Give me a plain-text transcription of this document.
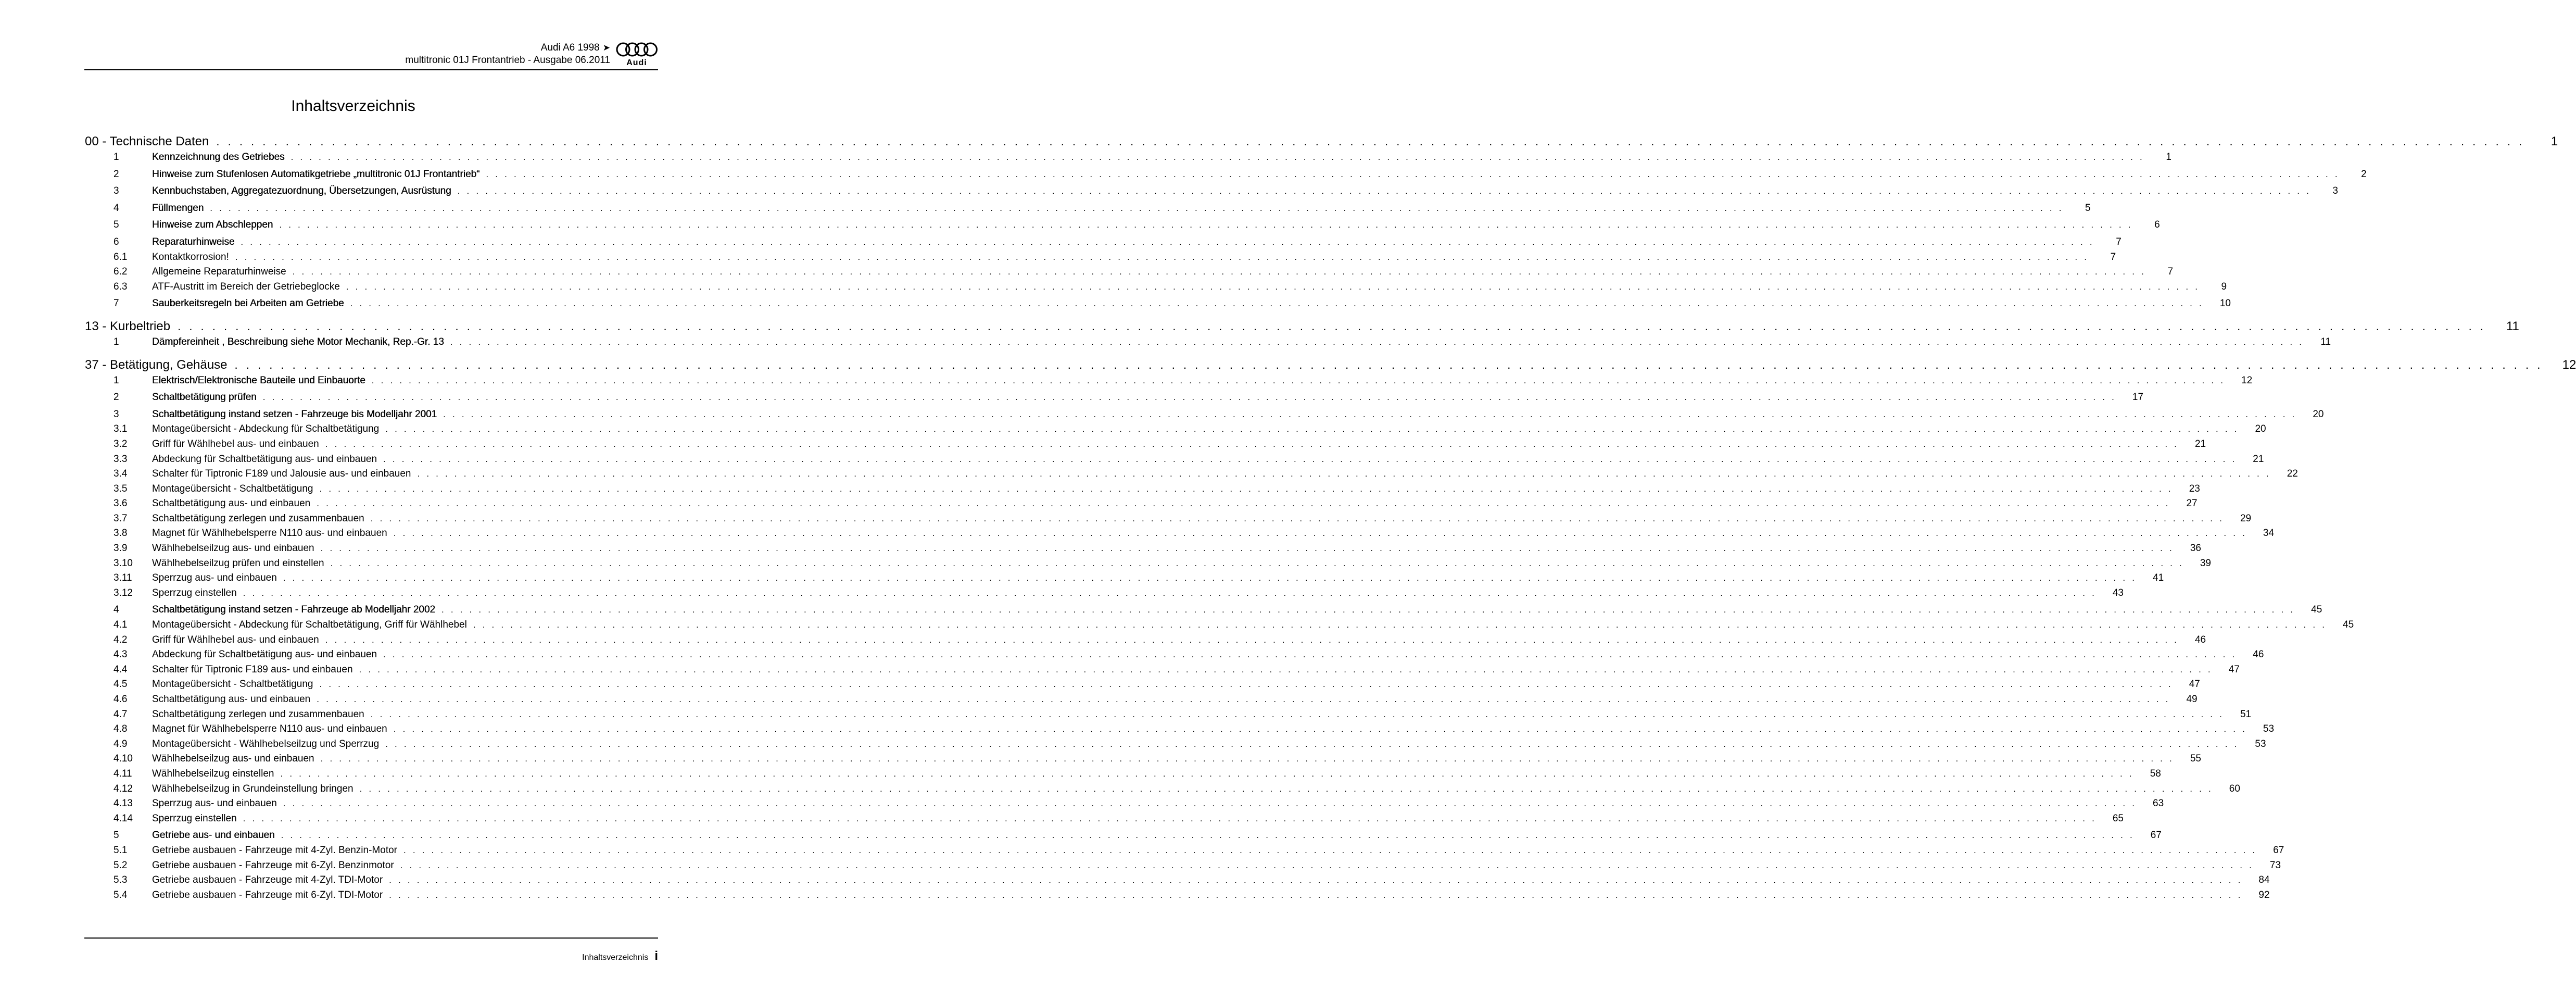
Audi A6 1998 ➤
multitronic 01J Frontantrieb - Ausgabe 06.2011	Audi
Inhaltsverzeichnis
00 - Technische Daten . . . . . . . . . . . . . . . . . . . . . . . . . . . . . . . . . . . . . . . . . . . . . . . . . . . . . . . . . . . . . . . . . . . . . . . . . . . . . . . . . . . . . . . . . . . . . . . . . . . . . . . . . . . . . . . . . . . . . . . . . . . . . . . . . . . . . . . . . . . . . . . . . . . . . . . . . . . . . . . . . . . . . . . . . . . . . . . . . . . . . . . . . . . . . . . . . . . . . . . .	1
1	Kennzeichnung des Getriebes . . . . . . . . . . . . . . . . . . . . . . . . . . . . . . . . . . . . . . . . . . . . . . . . . . . . . . . . . . . . . . . . . . . . . . . . . . . . . . . . . . . . . . . . . . . . . . . . . . . . . . . . . . . . . . . . . . . . . . . . . . . . . . . . . . . . . . . . . . . . . . . . . . . . . . . . . . . . . . . . . . . . . . . . . . . . . . . . . . . . . . . . . . . . . . . . . . . . . . . .	1
2	Hinweise zum Stufenlosen Automatikgetriebe „multitronic 01J Frontantrieb“ . . . . . . . . . . . . . . . . . . . . . . . . . . . . . . . . . . . . . . . . . . . . . . . . . . . . . . . . . . . . . . . . . . . . . . . . . . . . . . . . . . . . . . . . . . . . . . . . . . . . . . . . . . . . . . . . . . . . . . . . . . . . . . . . . . . . . . . . . . . . . . . . . . . . . . . . . . . . . . . . . . . . . . . . . . . . . . . . . . . . . . . . . . . . . . . . . . . . . . . .	2
3	Kennbuchstaben, Aggregatezuordnung, Übersetzungen, Ausrüstung . . . . . . . . . . . . . . . . . . . . . . . . . . . . . . . . . . . . . . . . . . . . . . . . . . . . . . . . . . . . . . . . . . . . . . . . . . . . . . . . . . . . . . . . . . . . . . . . . . . . . . . . . . . . . . . . . . . . . . . . . . . . . . . . . . . . . . . . . . . . . . . . . . . . . . . . . . . . . . . . . . . . . . . . . . . . . . . . . . . . . . . . . . . . . . . . . . . . . . . .	3
4	Füllmengen . . . . . . . . . . . . . . . . . . . . . . . . . . . . . . . . . . . . . . . . . . . . . . . . . . . . . . . . . . . . . . . . . . . . . . . . . . . . . . . . . . . . . . . . . . . . . . . . . . . . . . . . . . . . . . . . . . . . . . . . . . . . . . . . . . . . . . . . . . . . . . . . . . . . . . . . . . . . . . . . . . . . . . . . . . . . . . . . . . . . . . . . . . . . . . . . . . . . . . . .	5
5	Hinweise zum Abschleppen . . . . . . . . . . . . . . . . . . . . . . . . . . . . . . . . . . . . . . . . . . . . . . . . . . . . . . . . . . . . . . . . . . . . . . . . . . . . . . . . . . . . . . . . . . . . . . . . . . . . . . . . . . . . . . . . . . . . . . . . . . . . . . . . . . . . . . . . . . . . . . . . . . . . . . . . . . . . . . . . . . . . . . . . . . . . . . . . . . . . . . . . . . . . . . . . . . . . . . . .	6
6	Reparaturhinweise . . . . . . . . . . . . . . . . . . . . . . . . . . . . . . . . . . . . . . . . . . . . . . . . . . . . . . . . . . . . . . . . . . . . . . . . . . . . . . . . . . . . . . . . . . . . . . . . . . . . . . . . . . . . . . . . . . . . . . . . . . . . . . . . . . . . . . . . . . . . . . . . . . . . . . . . . . . . . . . . . . . . . . . . . . . . . . . . . . . . . . . . . . . . . . . . . . . . . . . .	7
6.1	Kontaktkorrosion! . . . . . . . . . . . . . . . . . . . . . . . . . . . . . . . . . . . . . . . . . . . . . . . . . . . . . . . . . . . . . . . . . . . . . . . . . . . . . . . . . . . . . . . . . . . . . . . . . . . . . . . . . . . . . . . . . . . . . . . . . . . . . . . . . . . . . . . . . . . . . . . . . . . . . . . . . . . . . . . . . . . . . . . . . . . . . . . . . . . . . . . . . . . . . . . . . . . . . . . .	7
6.2	Allgemeine Reparaturhinweise . . . . . . . . . . . . . . . . . . . . . . . . . . . . . . . . . . . . . . . . . . . . . . . . . . . . . . . . . . . . . . . . . . . . . . . . . . . . . . . . . . . . . . . . . . . . . . . . . . . . . . . . . . . . . . . . . . . . . . . . . . . . . . . . . . . . . . . . . . . . . . . . . . . . . . . . . . . . . . . . . . . . . . . . . . . . . . . . . . . . . . . . . . . . . . . . . . . . . . . .	7
6.3	ATF-Austritt im Bereich der Getriebeglocke . . . . . . . . . . . . . . . . . . . . . . . . . . . . . . . . . . . . . . . . . . . . . . . . . . . . . . . . . . . . . . . . . . . . . . . . . . . . . . . . . . . . . . . . . . . . . . . . . . . . . . . . . . . . . . . . . . . . . . . . . . . . . . . . . . . . . . . . . . . . . . . . . . . . . . . . . . . . . . . . . . . . . . . . . . . . . . . . . . . . . . . . . . . . . . . . . . . . . . . .	9
7	Sauberkeitsregeln bei Arbeiten am Getriebe . . . . . . . . . . . . . . . . . . . . . . . . . . . . . . . . . . . . . . . . . . . . . . . . . . . . . . . . . . . . . . . . . . . . . . . . . . . . . . . . . . . . . . . . . . . . . . . . . . . . . . . . . . . . . . . . . . . . . . . . . . . . . . . . . . . . . . . . . . . . . . . . . . . . . . . . . . . . . . . . . . . . . . . . . . . . . . . . . . . . . . . . . . . . . . . . . . . . . . . .	10
13 - Kurbeltrieb . . . . . . . . . . . . . . . . . . . . . . . . . . . . . . . . . . . . . . . . . . . . . . . . . . . . . . . . . . . . . . . . . . . . . . . . . . . . . . . . . . . . . . . . . . . . . . . . . . . . . . . . . . . . . . . . . . . . . . . . . . . . . . . . . . . . . . . . . . . . . . . . . . . . . . . . . . . . . . . . . . . . . . . . . . . . . . . . . . . . . . . . . . . . . . . . . . . . . . . .	11
1	Dämpfereinheit , Beschreibung siehe Motor Mechanik, Rep.-Gr. 13 . . . . . . . . . . . . . . . . . . . . . . . . . . . . . . . . . . . . . . . . . . . . . . . . . . . . . . . . . . . . . . . . . . . . . . . . . . . . . . . . . . . . . . . . . . . . . . . . . . . . . . . . . . . . . . . . . . . . . . . . . . . . . . . . . . . . . . . . . . . . . . . . . . . . . . . . . . . . . . . . . . . . . . . . . . . . . . . . . . . . . . . . . . . . . . . . . . . . . . . .	11
37 - Betätigung, Gehäuse . . . . . . . . . . . . . . . . . . . . . . . . . . . . . . . . . . . . . . . . . . . . . . . . . . . . . . . . . . . . . . . . . . . . . . . . . . . . . . . . . . . . . . . . . . . . . . . . . . . . . . . . . . . . . . . . . . . . . . . . . . . . . . . . . . . . . . . . . . . . . . . . . . . . . . . . . . . . . . . . . . . . . . . . . . . . . . . . . . . . . . . . . . . . . . . . . . . . . . . .	12
1	Elektrisch/Elektronische Bauteile und Einbauorte . . . . . . . . . . . . . . . . . . . . . . . . . . . . . . . . . . . . . . . . . . . . . . . . . . . . . . . . . . . . . . . . . . . . . . . . . . . . . . . . . . . . . . . . . . . . . . . . . . . . . . . . . . . . . . . . . . . . . . . . . . . . . . . . . . . . . . . . . . . . . . . . . . . . . . . . . . . . . . . . . . . . . . . . . . . . . . . . . . . . . . . . . . . . . . . . . . . . . . . .	12
2	Schaltbetätigung prüfen . . . . . . . . . . . . . . . . . . . . . . . . . . . . . . . . . . . . . . . . . . . . . . . . . . . . . . . . . . . . . . . . . . . . . . . . . . . . . . . . . . . . . . . . . . . . . . . . . . . . . . . . . . . . . . . . . . . . . . . . . . . . . . . . . . . . . . . . . . . . . . . . . . . . . . . . . . . . . . . . . . . . . . . . . . . . . . . . . . . . . . . . . . . . . . . . . . . . . . . .	17
3	Schaltbetätigung instand setzen - Fahrzeuge bis Modelljahr 2001 . . . . . . . . . . . . . . . . . . . . . . . . . . . . . . . . . . . . . . . . . . . . . . . . . . . . . . . . . . . . . . . . . . . . . . . . . . . . . . . . . . . . . . . . . . . . . . . . . . . . . . . . . . . . . . . . . . . . . . . . . . . . . . . . . . . . . . . . . . . . . . . . . . . . . . . . . . . . . . . . . . . . . . . . . . . . . . . . . . . . . . . . . . . . . . . . . . . . . . . .	20
3.1	Montageübersicht - Abdeckung für Schaltbetätigung . . . . . . . . . . . . . . . . . . . . . . . . . . . . . . . . . . . . . . . . . . . . . . . . . . . . . . . . . . . . . . . . . . . . . . . . . . . . . . . . . . . . . . . . . . . . . . . . . . . . . . . . . . . . . . . . . . . . . . . . . . . . . . . . . . . . . . . . . . . . . . . . . . . . . . . . . . . . . . . . . . . . . . . . . . . . . . . . . . . . . . . . . . . . . . . . . . . . . . . .	20
3.2	Griff für Wählhebel aus- und einbauen . . . . . . . . . . . . . . . . . . . . . . . . . . . . . . . . . . . . . . . . . . . . . . . . . . . . . . . . . . . . . . . . . . . . . . . . . . . . . . . . . . . . . . . . . . . . . . . . . . . . . . . . . . . . . . . . . . . . . . . . . . . . . . . . . . . . . . . . . . . . . . . . . . . . . . . . . . . . . . . . . . . . . . . . . . . . . . . . . . . . . . . . . . . . . . . . . . . . . . . .	21
3.3	Abdeckung für Schaltbetätigung aus- und einbauen . . . . . . . . . . . . . . . . . . . . . . . . . . . . . . . . . . . . . . . . . . . . . . . . . . . . . . . . . . . . . . . . . . . . . . . . . . . . . . . . . . . . . . . . . . . . . . . . . . . . . . . . . . . . . . . . . . . . . . . . . . . . . . . . . . . . . . . . . . . . . . . . . . . . . . . . . . . . . . . . . . . . . . . . . . . . . . . . . . . . . . . . . . . . . . . . . . . . . . . .	21
3.4	Schalter für Tiptronic F189 und Jalousie aus- und einbauen . . . . . . . . . . . . . . . . . . . . . . . . . . . . . . . . . . . . . . . . . . . . . . . . . . . . . . . . . . . . . . . . . . . . . . . . . . . . . . . . . . . . . . . . . . . . . . . . . . . . . . . . . . . . . . . . . . . . . . . . . . . . . . . . . . . . . . . . . . . . . . . . . . . . . . . . . . . . . . . . . . . . . . . . . . . . . . . . . . . . . . . . . . . . . . . . . . . . . . . .	22
3.5	Montageübersicht - Schaltbetätigung . . . . . . . . . . . . . . . . . . . . . . . . . . . . . . . . . . . . . . . . . . . . . . . . . . . . . . . . . . . . . . . . . . . . . . . . . . . . . . . . . . . . . . . . . . . . . . . . . . . . . . . . . . . . . . . . . . . . . . . . . . . . . . . . . . . . . . . . . . . . . . . . . . . . . . . . . . . . . . . . . . . . . . . . . . . . . . . . . . . . . . . . . . . . . . . . . . . . . . . .	23
3.6	Schaltbetätigung aus- und einbauen . . . . . . . . . . . . . . . . . . . . . . . . . . . . . . . . . . . . . . . . . . . . . . . . . . . . . . . . . . . . . . . . . . . . . . . . . . . . . . . . . . . . . . . . . . . . . . . . . . . . . . . . . . . . . . . . . . . . . . . . . . . . . . . . . . . . . . . . . . . . . . . . . . . . . . . . . . . . . . . . . . . . . . . . . . . . . . . . . . . . . . . . . . . . . . . . . . . . . . . .	27
3.7	Schaltbetätigung zerlegen und zusammenbauen . . . . . . . . . . . . . . . . . . . . . . . . . . . . . . . . . . . . . . . . . . . . . . . . . . . . . . . . . . . . . . . . . . . . . . . . . . . . . . . . . . . . . . . . . . . . . . . . . . . . . . . . . . . . . . . . . . . . . . . . . . . . . . . . . . . . . . . . . . . . . . . . . . . . . . . . . . . . . . . . . . . . . . . . . . . . . . . . . . . . . . . . . . . . . . . . . . . . . . . .	29
3.8	Magnet für Wählhebelsperre N110 aus- und einbauen . . . . . . . . . . . . . . . . . . . . . . . . . . . . . . . . . . . . . . . . . . . . . . . . . . . . . . . . . . . . . . . . . . . . . . . . . . . . . . . . . . . . . . . . . . . . . . . . . . . . . . . . . . . . . . . . . . . . . . . . . . . . . . . . . . . . . . . . . . . . . . . . . . . . . . . . . . . . . . . . . . . . . . . . . . . . . . . . . . . . . . . . . . . . . . . . . . . . . . . .	34
3.9	Wählhebelseilzug aus- und einbauen . . . . . . . . . . . . . . . . . . . . . . . . . . . . . . . . . . . . . . . . . . . . . . . . . . . . . . . . . . . . . . . . . . . . . . . . . . . . . . . . . . . . . . . . . . . . . . . . . . . . . . . . . . . . . . . . . . . . . . . . . . . . . . . . . . . . . . . . . . . . . . . . . . . . . . . . . . . . . . . . . . . . . . . . . . . . . . . . . . . . . . . . . . . . . . . . . . . . . . . .	36
3.10	Wählhebelseilzug prüfen und einstellen . . . . . . . . . . . . . . . . . . . . . . . . . . . . . . . . . . . . . . . . . . . . . . . . . . . . . . . . . . . . . . . . . . . . . . . . . . . . . . . . . . . . . . . . . . . . . . . . . . . . . . . . . . . . . . . . . . . . . . . . . . . . . . . . . . . . . . . . . . . . . . . . . . . . . . . . . . . . . . . . . . . . . . . . . . . . . . . . . . . . . . . . . . . . . . . . . . . . . . . .	39
3.11	Sperrzug aus- und einbauen . . . . . . . . . . . . . . . . . . . . . . . . . . . . . . . . . . . . . . . . . . . . . . . . . . . . . . . . . . . . . . . . . . . . . . . . . . . . . . . . . . . . . . . . . . . . . . . . . . . . . . . . . . . . . . . . . . . . . . . . . . . . . . . . . . . . . . . . . . . . . . . . . . . . . . . . . . . . . . . . . . . . . . . . . . . . . . . . . . . . . . . . . . . . . . . . . . . . . . . .	41
3.12	Sperrzug einstellen . . . . . . . . . . . . . . . . . . . . . . . . . . . . . . . . . . . . . . . . . . . . . . . . . . . . . . . . . . . . . . . . . . . . . . . . . . . . . . . . . . . . . . . . . . . . . . . . . . . . . . . . . . . . . . . . . . . . . . . . . . . . . . . . . . . . . . . . . . . . . . . . . . . . . . . . . . . . . . . . . . . . . . . . . . . . . . . . . . . . . . . . . . . . . . . . . . . . . . . .	43
4	Schaltbetätigung instand setzen - Fahrzeuge ab Modelljahr 2002 . . . . . . . . . . . . . . . . . . . . . . . . . . . . . . . . . . . . . . . . . . . . . . . . . . . . . . . . . . . . . . . . . . . . . . . . . . . . . . . . . . . . . . . . . . . . . . . . . . . . . . . . . . . . . . . . . . . . . . . . . . . . . . . . . . . . . . . . . . . . . . . . . . . . . . . . . . . . . . . . . . . . . . . . . . . . . . . . . . . . . . . . . . . . . . . . . . . . . . . .	45
4.1	Montageübersicht - Abdeckung für Schaltbetätigung, Griff für Wählhebel . . . . . . . . . . . . . . . . . . . . . . . . . . . . . . . . . . . . . . . . . . . . . . . . . . . . . . . . . . . . . . . . . . . . . . . . . . . . . . . . . . . . . . . . . . . . . . . . . . . . . . . . . . . . . . . . . . . . . . . . . . . . . . . . . . . . . . . . . . . . . . . . . . . . . . . . . . . . . . . . . . . . . . . . . . . . . . . . . . . . . . . . . . . . . . . . . . . . . . . .	45
4.2	Griff für Wählhebel aus- und einbauen . . . . . . . . . . . . . . . . . . . . . . . . . . . . . . . . . . . . . . . . . . . . . . . . . . . . . . . . . . . . . . . . . . . . . . . . . . . . . . . . . . . . . . . . . . . . . . . . . . . . . . . . . . . . . . . . . . . . . . . . . . . . . . . . . . . . . . . . . . . . . . . . . . . . . . . . . . . . . . . . . . . . . . . . . . . . . . . . . . . . . . . . . . . . . . . . . . . . . . . .	46
4.3	Abdeckung für Schaltbetätigung aus- und einbauen . . . . . . . . . . . . . . . . . . . . . . . . . . . . . . . . . . . . . . . . . . . . . . . . . . . . . . . . . . . . . . . . . . . . . . . . . . . . . . . . . . . . . . . . . . . . . . . . . . . . . . . . . . . . . . . . . . . . . . . . . . . . . . . . . . . . . . . . . . . . . . . . . . . . . . . . . . . . . . . . . . . . . . . . . . . . . . . . . . . . . . . . . . . . . . . . . . . . . . . .	46
4.4	Schalter für Tiptronic F189 aus- und einbauen . . . . . . . . . . . . . . . . . . . . . . . . . . . . . . . . . . . . . . . . . . . . . . . . . . . . . . . . . . . . . . . . . . . . . . . . . . . . . . . . . . . . . . . . . . . . . . . . . . . . . . . . . . . . . . . . . . . . . . . . . . . . . . . . . . . . . . . . . . . . . . . . . . . . . . . . . . . . . . . . . . . . . . . . . . . . . . . . . . . . . . . . . . . . . . . . . . . . . . . .	47
4.5	Montageübersicht - Schaltbetätigung . . . . . . . . . . . . . . . . . . . . . . . . . . . . . . . . . . . . . . . . . . . . . . . . . . . . . . . . . . . . . . . . . . . . . . . . . . . . . . . . . . . . . . . . . . . . . . . . . . . . . . . . . . . . . . . . . . . . . . . . . . . . . . . . . . . . . . . . . . . . . . . . . . . . . . . . . . . . . . . . . . . . . . . . . . . . . . . . . . . . . . . . . . . . . . . . . . . . . . . .	47
4.6	Schaltbetätigung aus- und einbauen . . . . . . . . . . . . . . . . . . . . . . . . . . . . . . . . . . . . . . . . . . . . . . . . . . . . . . . . . . . . . . . . . . . . . . . . . . . . . . . . . . . . . . . . . . . . . . . . . . . . . . . . . . . . . . . . . . . . . . . . . . . . . . . . . . . . . . . . . . . . . . . . . . . . . . . . . . . . . . . . . . . . . . . . . . . . . . . . . . . . . . . . . . . . . . . . . . . . . . . .	49
4.7	Schaltbetätigung zerlegen und zusammenbauen . . . . . . . . . . . . . . . . . . . . . . . . . . . . . . . . . . . . . . . . . . . . . . . . . . . . . . . . . . . . . . . . . . . . . . . . . . . . . . . . . . . . . . . . . . . . . . . . . . . . . . . . . . . . . . . . . . . . . . . . . . . . . . . . . . . . . . . . . . . . . . . . . . . . . . . . . . . . . . . . . . . . . . . . . . . . . . . . . . . . . . . . . . . . . . . . . . . . . . . .	51
4.8	Magnet für Wählhebelsperre N110 aus- und einbauen . . . . . . . . . . . . . . . . . . . . . . . . . . . . . . . . . . . . . . . . . . . . . . . . . . . . . . . . . . . . . . . . . . . . . . . . . . . . . . . . . . . . . . . . . . . . . . . . . . . . . . . . . . . . . . . . . . . . . . . . . . . . . . . . . . . . . . . . . . . . . . . . . . . . . . . . . . . . . . . . . . . . . . . . . . . . . . . . . . . . . . . . . . . . . . . . . . . . . . . .	53
4.9	Montageübersicht - Wählhebelseilzug und Sperrzug . . . . . . . . . . . . . . . . . . . . . . . . . . . . . . . . . . . . . . . . . . . . . . . . . . . . . . . . . . . . . . . . . . . . . . . . . . . . . . . . . . . . . . . . . . . . . . . . . . . . . . . . . . . . . . . . . . . . . . . . . . . . . . . . . . . . . . . . . . . . . . . . . . . . . . . . . . . . . . . . . . . . . . . . . . . . . . . . . . . . . . . . . . . . . . . . . . . . . . . .	53
4.10	Wählhebelseilzug aus- und einbauen . . . . . . . . . . . . . . . . . . . . . . . . . . . . . . . . . . . . . . . . . . . . . . . . . . . . . . . . . . . . . . . . . . . . . . . . . . . . . . . . . . . . . . . . . . . . . . . . . . . . . . . . . . . . . . . . . . . . . . . . . . . . . . . . . . . . . . . . . . . . . . . . . . . . . . . . . . . . . . . . . . . . . . . . . . . . . . . . . . . . . . . . . . . . . . . . . . . . . . . .	55
4.11	Wählhebelseilzug einstellen . . . . . . . . . . . . . . . . . . . . . . . . . . . . . . . . . . . . . . . . . . . . . . . . . . . . . . . . . . . . . . . . . . . . . . . . . . . . . . . . . . . . . . . . . . . . . . . . . . . . . . . . . . . . . . . . . . . . . . . . . . . . . . . . . . . . . . . . . . . . . . . . . . . . . . . . . . . . . . . . . . . . . . . . . . . . . . . . . . . . . . . . . . . . . . . . . . . . . . . .	58
4.12	Wählhebelseilzug in Grundeinstellung bringen . . . . . . . . . . . . . . . . . . . . . . . . . . . . . . . . . . . . . . . . . . . . . . . . . . . . . . . . . . . . . . . . . . . . . . . . . . . . . . . . . . . . . . . . . . . . . . . . . . . . . . . . . . . . . . . . . . . . . . . . . . . . . . . . . . . . . . . . . . . . . . . . . . . . . . . . . . . . . . . . . . . . . . . . . . . . . . . . . . . . . . . . . . . . . . . . . . . . . . . .	60
4.13	Sperrzug aus- und einbauen . . . . . . . . . . . . . . . . . . . . . . . . . . . . . . . . . . . . . . . . . . . . . . . . . . . . . . . . . . . . . . . . . . . . . . . . . . . . . . . . . . . . . . . . . . . . . . . . . . . . . . . . . . . . . . . . . . . . . . . . . . . . . . . . . . . . . . . . . . . . . . . . . . . . . . . . . . . . . . . . . . . . . . . . . . . . . . . . . . . . . . . . . . . . . . . . . . . . . . . .	63
4.14	Sperrzug einstellen . . . . . . . . . . . . . . . . . . . . . . . . . . . . . . . . . . . . . . . . . . . . . . . . . . . . . . . . . . . . . . . . . . . . . . . . . . . . . . . . . . . . . . . . . . . . . . . . . . . . . . . . . . . . . . . . . . . . . . . . . . . . . . . . . . . . . . . . . . . . . . . . . . . . . . . . . . . . . . . . . . . . . . . . . . . . . . . . . . . . . . . . . . . . . . . . . . . . . . . .	65
5	Getriebe aus- und einbauen . . . . . . . . . . . . . . . . . . . . . . . . . . . . . . . . . . . . . . . . . . . . . . . . . . . . . . . . . . . . . . . . . . . . . . . . . . . . . . . . . . . . . . . . . . . . . . . . . . . . . . . . . . . . . . . . . . . . . . . . . . . . . . . . . . . . . . . . . . . . . . . . . . . . . . . . . . . . . . . . . . . . . . . . . . . . . . . . . . . . . . . . . . . . . . . . . . . . . . . .	67
5.1	Getriebe ausbauen - Fahrzeuge mit 4-Zyl. Benzin-Motor . . . . . . . . . . . . . . . . . . . . . . . . . . . . . . . . . . . . . . . . . . . . . . . . . . . . . . . . . . . . . . . . . . . . . . . . . . . . . . . . . . . . . . . . . . . . . . . . . . . . . . . . . . . . . . . . . . . . . . . . . . . . . . . . . . . . . . . . . . . . . . . . . . . . . . . . . . . . . . . . . . . . . . . . . . . . . . . . . . . . . . . . . . . . . . . . . . . . . . . .	67
5.2	Getriebe ausbauen - Fahrzeuge mit 6-Zyl. Benzinmotor . . . . . . . . . . . . . . . . . . . . . . . . . . . . . . . . . . . . . . . . . . . . . . . . . . . . . . . . . . . . . . . . . . . . . . . . . . . . . . . . . . . . . . . . . . . . . . . . . . . . . . . . . . . . . . . . . . . . . . . . . . . . . . . . . . . . . . . . . . . . . . . . . . . . . . . . . . . . . . . . . . . . . . . . . . . . . . . . . . . . . . . . . . . . . . . . . . . . . . . .	73
5.3	Getriebe ausbauen - Fahrzeuge mit 4-Zyl. TDI-Motor . . . . . . . . . . . . . . . . . . . . . . . . . . . . . . . . . . . . . . . . . . . . . . . . . . . . . . . . . . . . . . . . . . . . . . . . . . . . . . . . . . . . . . . . . . . . . . . . . . . . . . . . . . . . . . . . . . . . . . . . . . . . . . . . . . . . . . . . . . . . . . . . . . . . . . . . . . . . . . . . . . . . . . . . . . . . . . . . . . . . . . . . . . . . . . . . . . . . . . . .	84
5.4	Getriebe ausbauen - Fahrzeuge mit 6-Zyl. TDI-Motor . . . . . . . . . . . . . . . . . . . . . . . . . . . . . . . . . . . . . . . . . . . . . . . . . . . . . . . . . . . . . . . . . . . . . . . . . . . . . . . . . . . . . . . . . . . . . . . . . . . . . . . . . . . . . . . . . . . . . . . . . . . . . . . . . . . . . . . . . . . . . . . . . . . . . . . . . . . . . . . . . . . . . . . . . . . . . . . . . . . . . . . . . . . . . . . . . . . . . . . .	92
Inhaltsverzeichnis i
